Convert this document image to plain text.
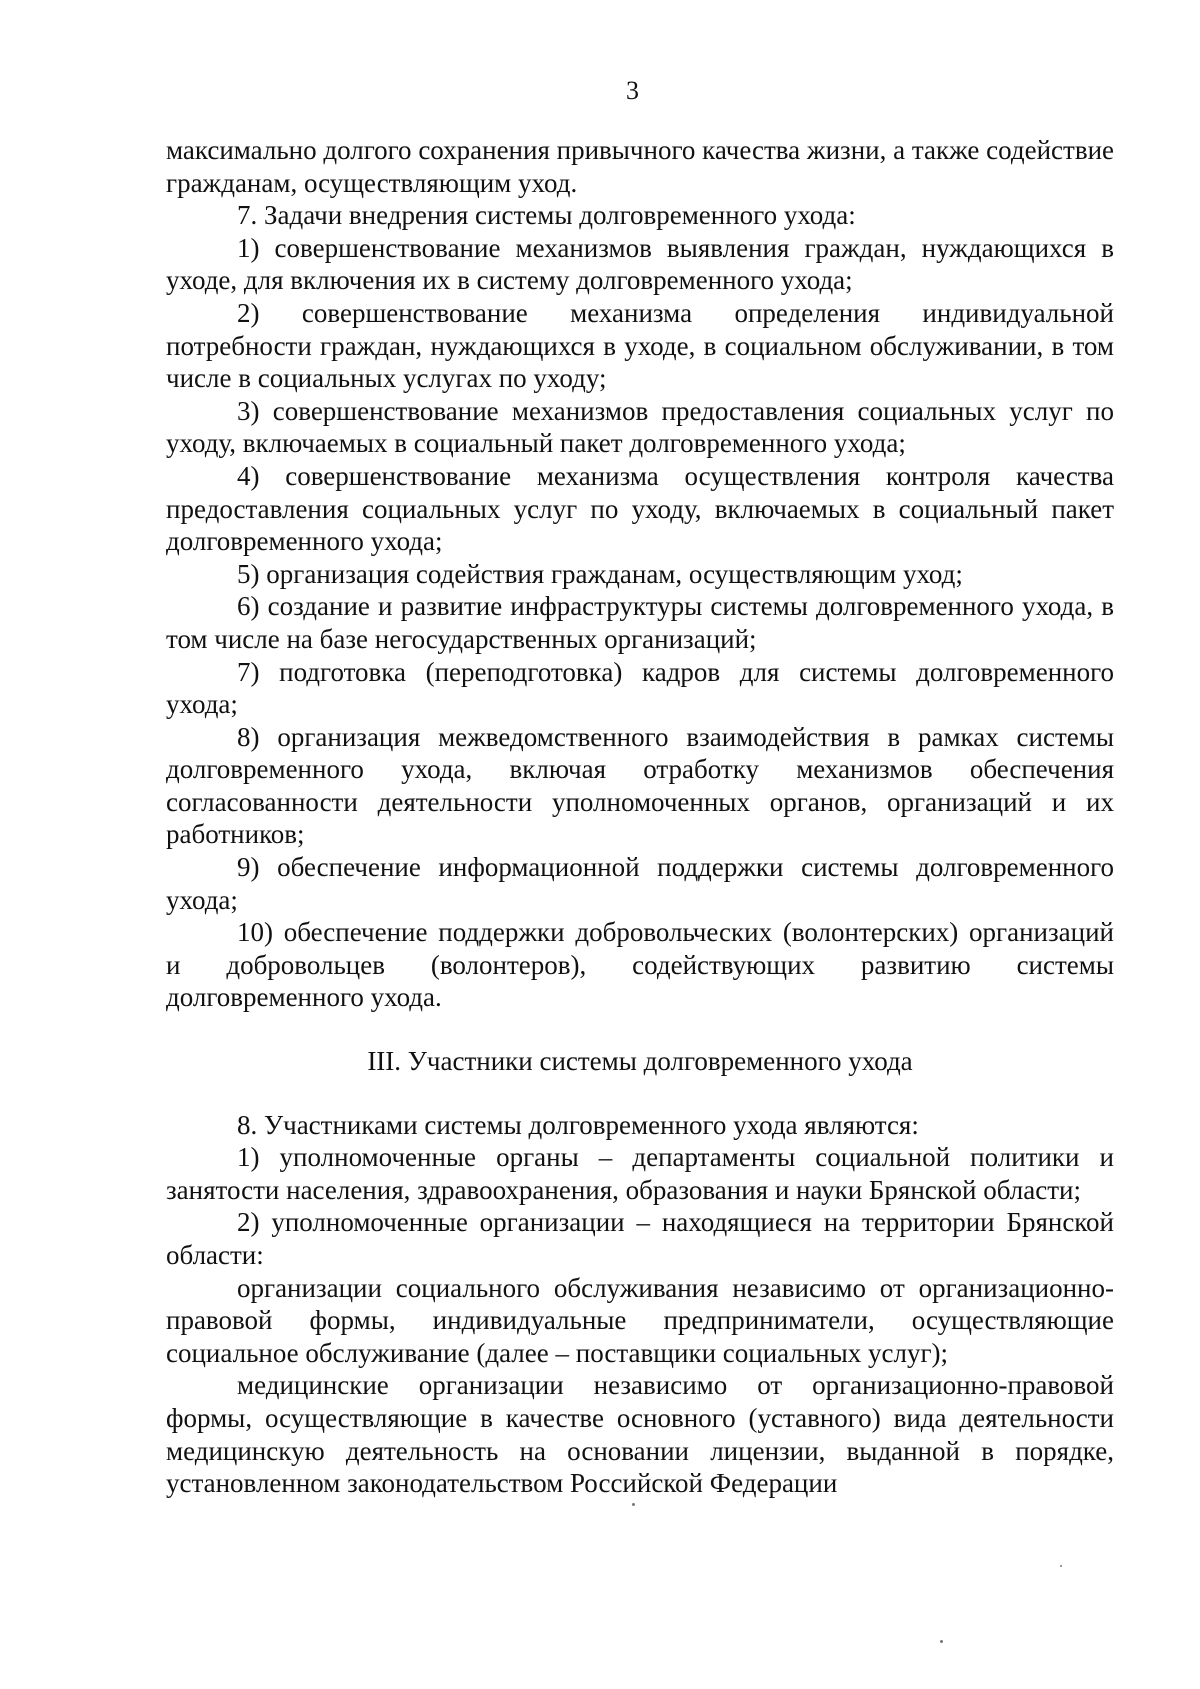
3

максимально долгого сохранения привычного качества жизни, а также содействие гражданам, осуществляющим уход.

7. Задачи внедрения системы долговременного ухода:

1) совершенствование механизмов выявления граждан, нуждающихся в уходе, для включения их в систему долговременного ухода;

2) совершенствование механизма определения индивидуальной потребности граждан, нуждающихся в уходе, в социальном обслуживании, в том числе в социальных услугах по уходу;

3) совершенствование механизмов предоставления социальных услуг по уходу, включаемых в социальный пакет долговременного ухода;

4) совершенствование механизма осуществления контроля качества предоставления социальных услуг по уходу, включаемых в социальный пакет долговременного ухода;

5) организация содействия гражданам, осуществляющим уход;

6) создание и развитие инфраструктуры системы долговременного ухода, в том числе на базе негосударственных организаций;

7) подготовка (переподготовка) кадров для системы долговременного ухода;

8) организация межведомственного взаимодействия в рамках системы долговременного ухода, включая отработку механизмов обеспечения согласованности деятельности уполномоченных органов, организаций и их работников;

9) обеспечение информационной поддержки системы долговременного ухода;

10) обеспечение поддержки добровольческих (волонтерских) организаций и добровольцев (волонтеров), содействующих развитию системы долговременного ухода.

III. Участники системы долговременного ухода

8. Участниками системы долговременного ухода являются:

1) уполномоченные органы – департаменты социальной политики и занятости населения, здравоохранения, образования и науки Брянской области;

2) уполномоченные организации – находящиеся на территории Брянской области:

организации социального обслуживания независимо от организационно-правовой формы, индивидуальные предприниматели, осуществляющие социальное обслуживание (далее – поставщики социальных услуг);

медицинские организации независимо от организационно-правовой формы, осуществляющие в качестве основного (уставного) вида деятельности медицинскую деятельность на основании лицензии, выданной в порядке, установленном законодательством Российской Федерации
